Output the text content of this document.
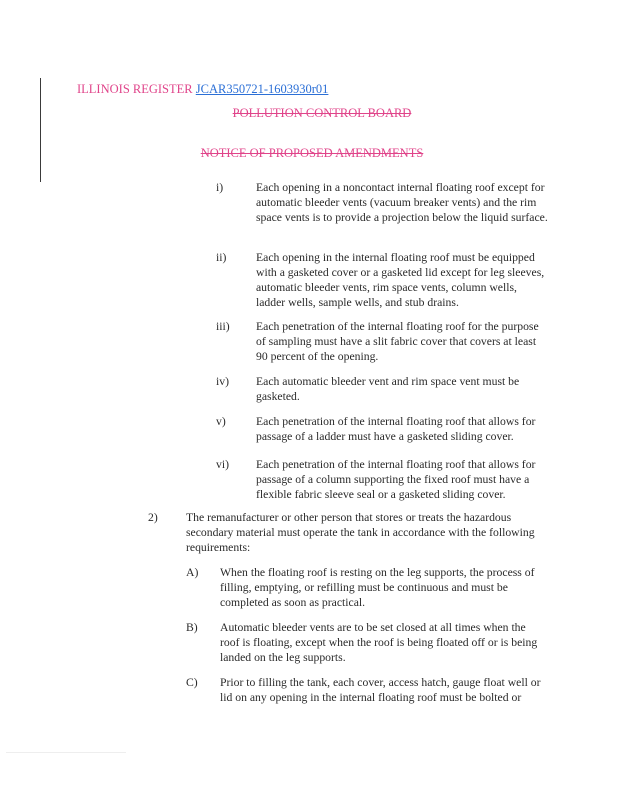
ILLINOIS REGISTER JCAR350721-1603930r01
POLLUTION CONTROL BOARD
NOTICE OF PROPOSED AMENDMENTS
i)	Each opening in a noncontact internal floating roof except for automatic bleeder vents (vacuum breaker vents) and the rim space vents is to provide a projection below the liquid surface.
ii)	Each opening in the internal floating roof must be equipped with a gasketed cover or a gasketed lid except for leg sleeves, automatic bleeder vents, rim space vents, column wells, ladder wells, sample wells, and stub drains.
iii) Each penetration of the internal floating roof for the purpose of sampling must have a slit fabric cover that covers at least 90 percent of the opening.
iv) Each automatic bleeder vent and rim space vent must be gasketed.
v)	Each penetration of the internal floating roof that allows for passage of a ladder must have a gasketed sliding cover.
vi) Each penetration of the internal floating roof that allows for passage of a column supporting the fixed roof must have a flexible fabric sleeve seal or a gasketed sliding cover.
2) The remanufacturer or other person that stores or treats the hazardous secondary material must operate the tank in accordance with the following requirements:
A) When the floating roof is resting on the leg supports, the process of filling, emptying, or refilling must be continuous and must be completed as soon as practical.
B) Automatic bleeder vents are to be set closed at all times when the roof is floating, except when the roof is being floated off or is being landed on the leg supports.
C) Prior to filling the tank, each cover, access hatch, gauge float well or lid on any opening in the internal floating roof must be bolted or
